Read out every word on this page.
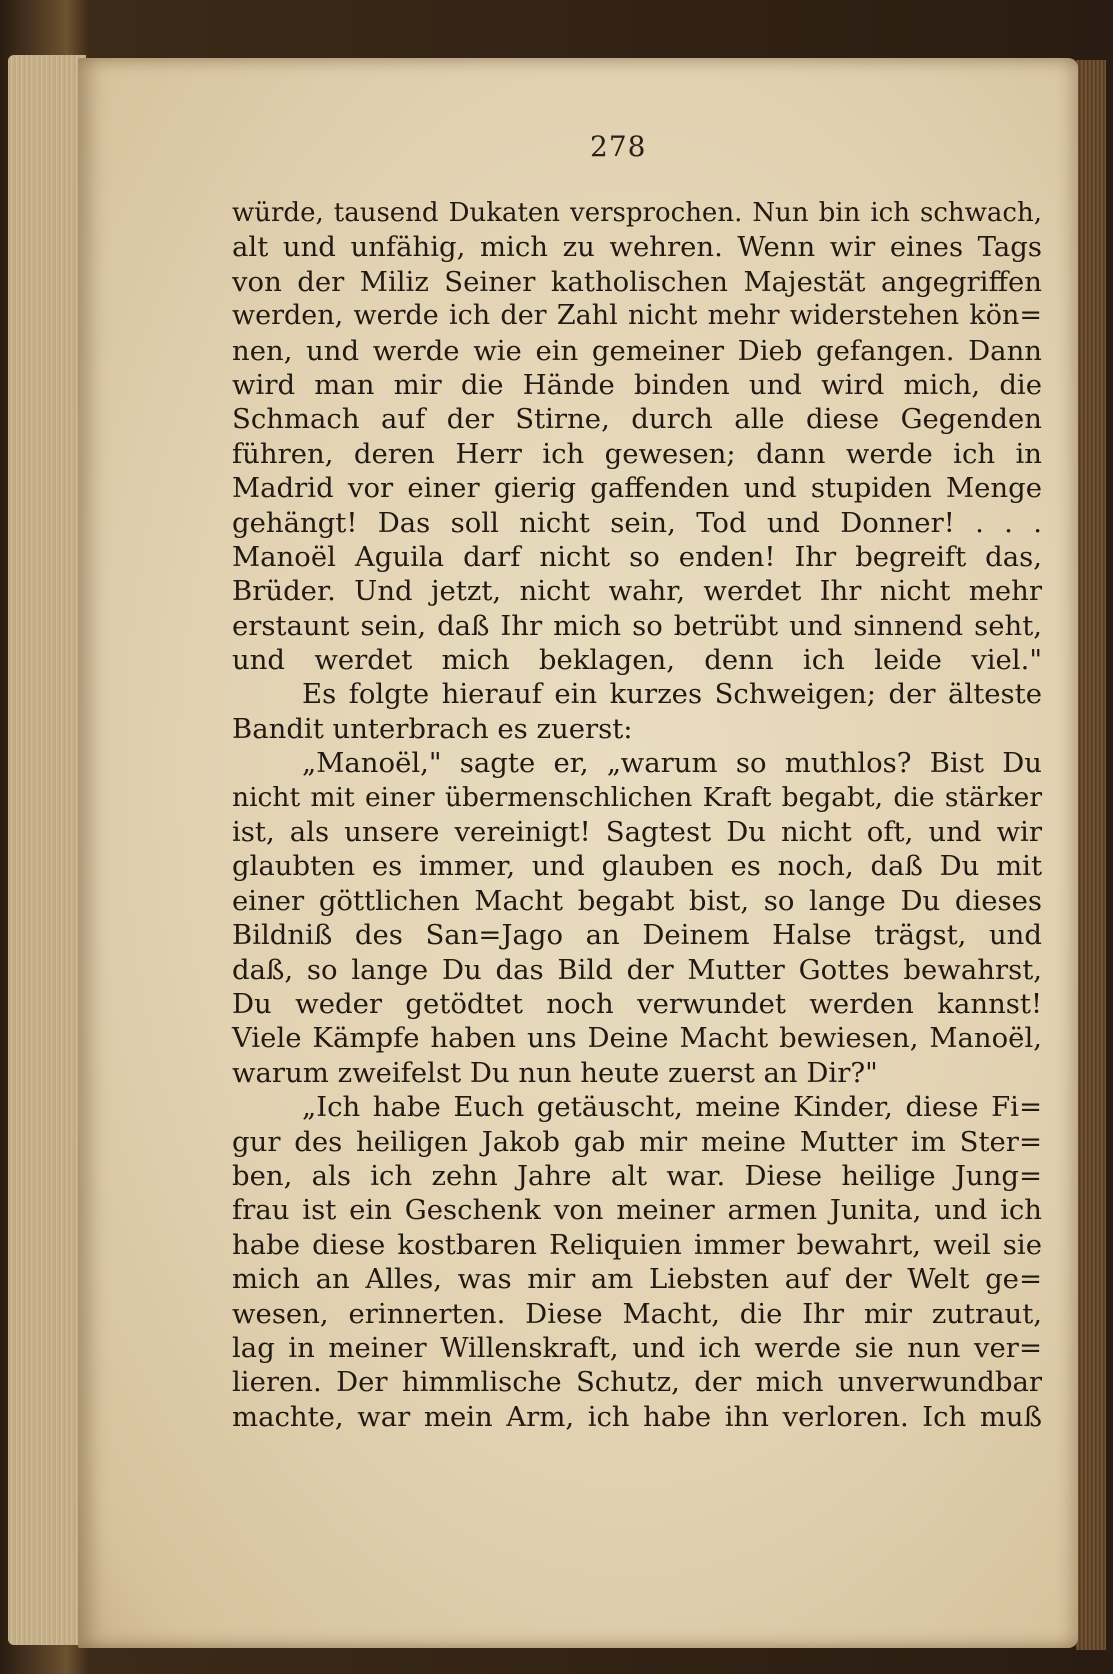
278
würde, tausend Dukaten versprochen. Nun bin ich schwach,
alt und unfähig, mich zu wehren. Wenn wir eines Tags
von der Miliz Seiner katholischen Majestät angegriffen
werden, werde ich der Zahl nicht mehr widerstehen kön=
nen, und werde wie ein gemeiner Dieb gefangen. Dann
wird man mir die Hände binden und wird mich, die
Schmach auf der Stirne, durch alle diese Gegenden
führen, deren Herr ich gewesen; dann werde ich in
Madrid vor einer gierig gaffenden und stupiden Menge
gehängt! Das soll nicht sein, Tod und Donner! . . .
Manoël Aguila darf nicht so enden! Ihr begreift das,
Brüder. Und jetzt, nicht wahr, werdet Ihr nicht mehr
erstaunt sein, daß Ihr mich so betrübt und sinnend seht,
und werdet mich beklagen, denn ich leide viel."
Es folgte hierauf ein kurzes Schweigen; der älteste
Bandit unterbrach es zuerst:
„Manoël," sagte er, „warum so muthlos? Bist Du
nicht mit einer übermenschlichen Kraft begabt, die stärker
ist, als unsere vereinigt! Sagtest Du nicht oft, und wir
glaubten es immer, und glauben es noch, daß Du mit
einer göttlichen Macht begabt bist, so lange Du dieses
Bildniß des San=Jago an Deinem Halse trägst, und
daß, so lange Du das Bild der Mutter Gottes bewahrst,
Du weder getödtet noch verwundet werden kannst!
Viele Kämpfe haben uns Deine Macht bewiesen, Manoël,
warum zweifelst Du nun heute zuerst an Dir?"
„Ich habe Euch getäuscht, meine Kinder, diese Fi=
gur des heiligen Jakob gab mir meine Mutter im Ster=
ben, als ich zehn Jahre alt war. Diese heilige Jung=
frau ist ein Geschenk von meiner armen Junita, und ich
habe diese kostbaren Reliquien immer bewahrt, weil sie
mich an Alles, was mir am Liebsten auf der Welt ge=
wesen, erinnerten. Diese Macht, die Ihr mir zutraut,
lag in meiner Willenskraft, und ich werde sie nun ver=
lieren. Der himmlische Schutz, der mich unverwundbar
machte, war mein Arm, ich habe ihn verloren. Ich muß
